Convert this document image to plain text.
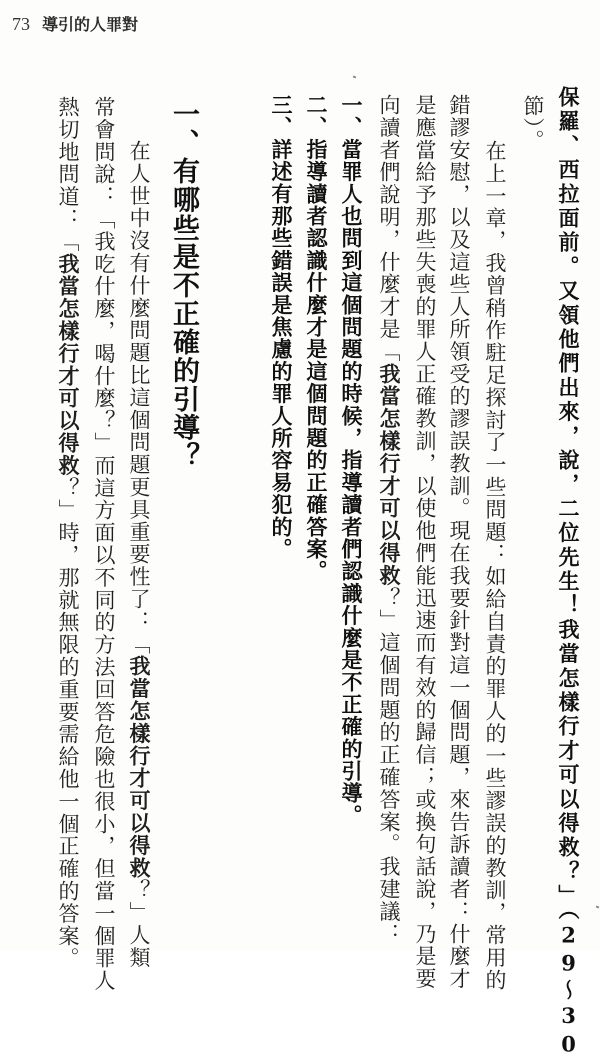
73 導引的人罪對
保羅、西拉面前。又領他們出來，說，二位先生！我當怎樣行才可以得救？」（29～30
節）。
在上一章，我曾稍作駐足探討了一些問題：如給自責的罪人的一些謬誤的教訓，常用的
錯謬安慰，以及這些人所領受的謬誤教訓。現在我要針對這一個問題，來告訴讀者：什麼才
是應當給予那些失喪的罪人正確教訓，以使他們能迅速而有效的歸信；或換句話說，乃是要
向讀者們說明，什麼才是「我當怎樣行才可以得救？」這個問題的正確答案。我建議：
一、當罪人也問到這個問題的時候，指導讀者們認識什麼是不正確的引導。
二、指導讀者認識什麼才是這個問題的正確答案。
三、詳述有那些錯誤是焦慮的罪人所容易犯的。
一、有哪些是不正確的引導？
在人世中沒有什麼問題比這個問題更具重要性了：「我當怎樣行才可以得救？」人類
常會問說：「我吃什麼，喝什麼？」而這方面以不同的方法回答危險也很小，但當一個罪人
熱切地問道：「我當怎樣行才可以得救？」時，那就無限的重要需給他一個正確的答案。
